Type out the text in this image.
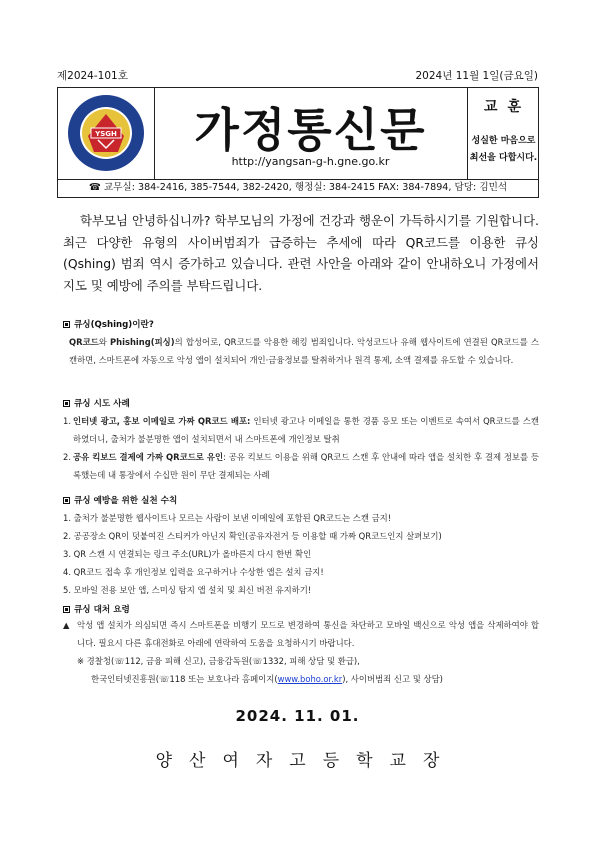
제2024-101호	2024년 11월 1일(금요일)
YSGH	가정통신문
http://yangsan-g-h.gne.go.kr
교훈
성실한 마음으로
최선을 다합시다.
☎ 교무실: 384-2416, 385-7544, 382-2420, 행정실: 384-2415 FAX: 384-7894, 담당: 김민석
학부모님 안녕하십니까? 학부모님의 가정에 건강과 행운이 가득하시기를 기원합니다. 최근 다양한 유형의 사이버범죄가 급증하는 추세에 따라 QR코드를 이용한 큐싱(Qshing) 범죄 역시 증가하고 있습니다. 관련 사안을 아래와 같이 안내하오니 가정에서 지도 및 예방에 주의를 부탁드립니다.
큐싱(Qshing)이란?
QR코드와 Phishing(피싱)의 합성어로, QR코드를 악용한 해킹 범죄입니다. 악성코드나 유해 웹사이트에 연결된 QR코드를 스캔하면, 스마트폰에 자동으로 악성 앱이 설치되어 개인·금융정보를 탈취하거나 원격 통제, 소액 결제를 유도할 수 있습니다.
큐싱 시도 사례
1. 인터넷 광고, 홍보 이메일로 가짜 QR코드 배포: 인터넷 광고나 이메일을 통한 경품 응모 또는 이벤트로 속여서 QR코드를 스캔하였더니, 출처가 불분명한 앱이 설치되면서 내 스마트폰에 개인정보 탈취
2. 공유 킥보드 결제에 가짜 QR코드로 유인: 공유 킥보드 이용을 위해 QR코드 스캔 후 안내에 따라 앱을 설치한 후 결제 정보를 등록했는데 내 통장에서 수십만 원이 무단 결제되는 사례
큐싱 예방을 위한 실천 수칙
1. 출처가 불분명한 웹사이트나 모르는 사람이 보낸 이메일에 포함된 QR코드는 스캔 금지!
2. 공공장소 QR이 덧붙여진 스티커가 아닌지 확인(공유자전거 등 이용할 때 가짜 QR코드인지 살펴보기)
3. QR 스캔 시 연결되는 링크 주소(URL)가 올바른지 다시 한번 확인
4. QR코드 접속 후 개인정보 입력을 요구하거나 수상한 앱은 설치 금지!
5. 모바일 전용 보안 앱, 스미싱 탐지 앱 설치 및 최신 버전 유지하기!
큐싱 대처 요령
▲ 악성 앱 설치가 의심되면 즉시 스마트폰을 비행기 모드로 변경하여 통신을 차단하고 모바일 백신으로 악성 앱을 삭제하여야 합니다. 필요시 다른 휴대전화로 아래에 연락하여 도움을 요청하시기 바랍니다.
※ 경찰청(☏112, 금융 피해 신고), 금융감독원(☏1332, 피해 상담 및 환급),
한국인터넷진흥원(☏118 또는 보호나라 홈페이지(www.boho.or.kr), 사이버범죄 신고 및 상담)
2024. 11. 01.
양산여자고등학교장
